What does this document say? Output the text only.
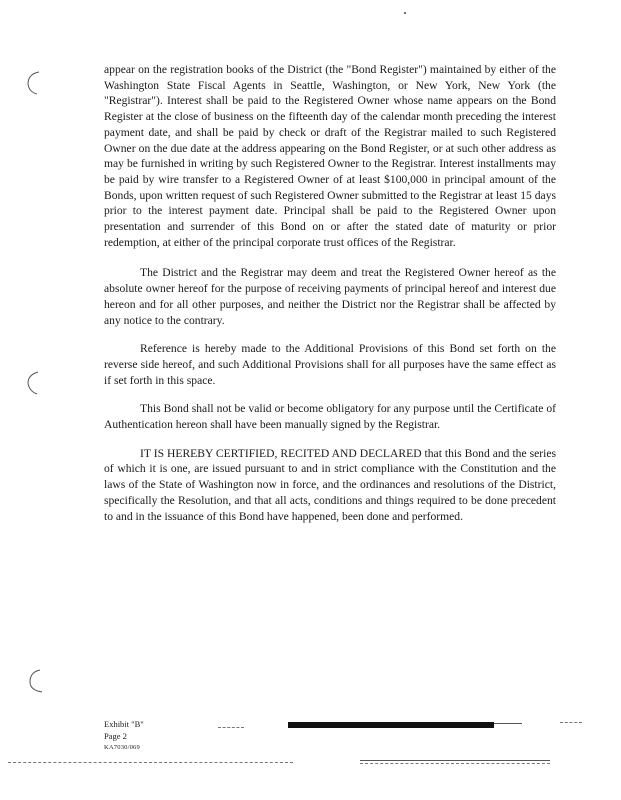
appear on the registration books of the District (the "Bond Register") maintained by either of the Washington State Fiscal Agents in Seattle, Washington, or New York, New York (the "Registrar"). Interest shall be paid to the Registered Owner whose name appears on the Bond Register at the close of business on the fifteenth day of the calendar month preceding the interest payment date, and shall be paid by check or draft of the Registrar mailed to such Registered Owner on the due date at the address appearing on the Bond Register, or at such other address as may be furnished in writing by such Registered Owner to the Registrar. Interest installments may be paid by wire transfer to a Registered Owner of at least $100,000 in principal amount of the Bonds, upon written request of such Registered Owner submitted to the Registrar at least 15 days prior to the interest payment date. Principal shall be paid to the Registered Owner upon presentation and surrender of this Bond on or after the stated date of maturity or prior redemption, at either of the principal corporate trust offices of the Registrar.

The District and the Registrar may deem and treat the Registered Owner hereof as the absolute owner hereof for the purpose of receiving payments of principal hereof and interest due hereon and for all other purposes, and neither the District nor the Registrar shall be affected by any notice to the contrary.

Reference is hereby made to the Additional Provisions of this Bond set forth on the reverse side hereof, and such Additional Provisions shall for all purposes have the same effect as if set forth in this space.

This Bond shall not be valid or become obligatory for any purpose until the Certificate of Authentication hereon shall have been manually signed by the Registrar.

IT IS HEREBY CERTIFIED, RECITED AND DECLARED that this Bond and the series of which it is one, are issued pursuant to and in strict compliance with the Constitution and the laws of the State of Washington now in force, and the ordinances and resolutions of the District, specifically the Resolution, and that all acts, conditions and things required to be done precedent to and in the issuance of this Bond have happened, been done and performed.

Exhibit "B"
Page 2
KA7030/069
